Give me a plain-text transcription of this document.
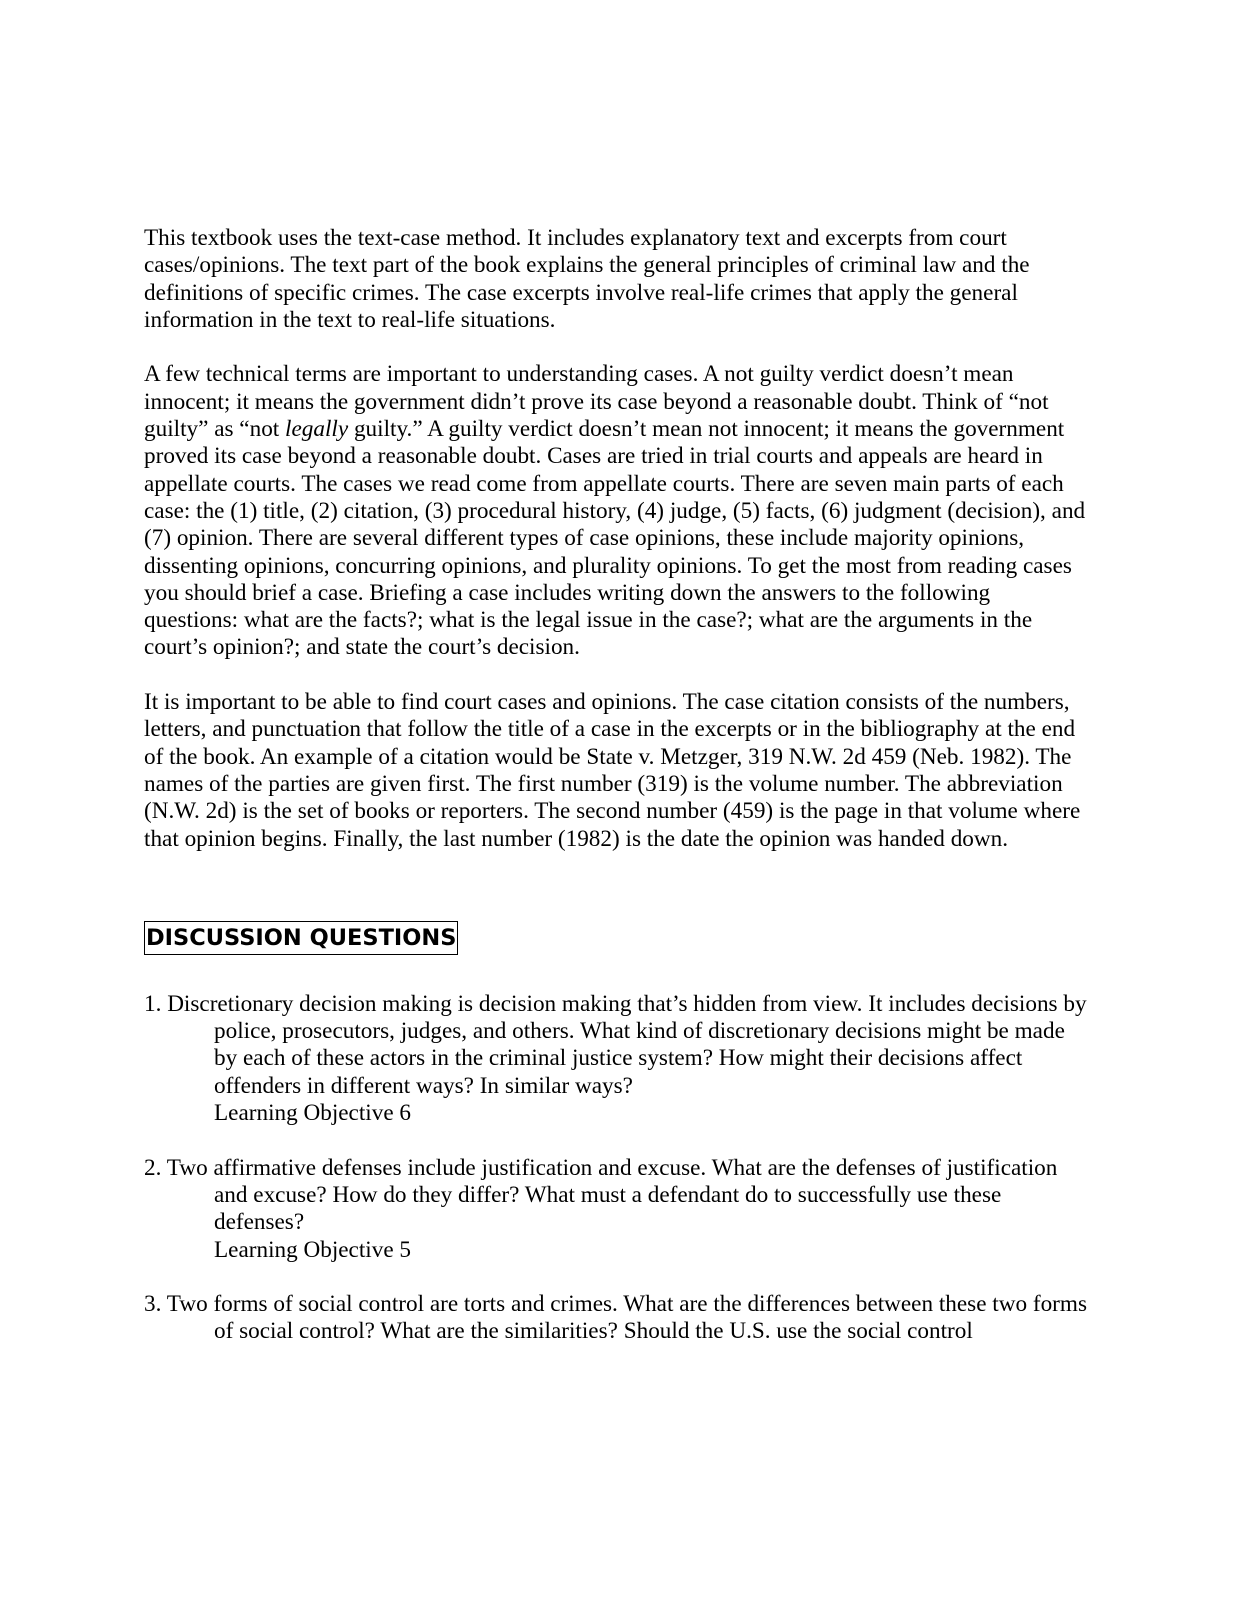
This textbook uses the text-case method. It includes explanatory text and excerpts from court cases/opinions. The text part of the book explains the general principles of criminal law and the definitions of specific crimes. The case excerpts involve real-life crimes that apply the general information in the text to real-life situations.

A few technical terms are important to understanding cases. A not guilty verdict doesn’t mean innocent; it means the government didn’t prove its case beyond a reasonable doubt. Think of “not guilty” as “not legally guilty.” A guilty verdict doesn’t mean not innocent; it means the government proved its case beyond a reasonable doubt. Cases are tried in trial courts and appeals are heard in appellate courts. The cases we read come from appellate courts. There are seven main parts of each case: the (1) title, (2) citation, (3) procedural history, (4) judge, (5) facts, (6) judgment (decision), and (7) opinion. There are several different types of case opinions, these include majority opinions, dissenting opinions, concurring opinions, and plurality opinions. To get the most from reading cases you should brief a case. Briefing a case includes writing down the answers to the following questions: what are the facts?; what is the legal issue in the case?; what are the arguments in the court’s opinion?; and state the court’s decision.

It is important to be able to find court cases and opinions. The case citation consists of the numbers, letters, and punctuation that follow the title of a case in the excerpts or in the bibliography at the end of the book. An example of a citation would be State v. Metzger, 319 N.W. 2d 459 (Neb. 1982). The names of the parties are given first. The first number (319) is the volume number. The abbreviation (N.W. 2d) is the set of books or reporters. The second number (459) is the page in that volume where that opinion begins. Finally, the last number (1982) is the date the opinion was handed down.

DISCUSSION QUESTIONS
1. Discretionary decision making is decision making that’s hidden from view. It includes decisions by police, prosecutors, judges, and others. What kind of discretionary decisions might be made by each of these actors in the criminal justice system? How might their decisions affect offenders in different ways? In similar ways?
Learning Objective 6
2. Two affirmative defenses include justification and excuse. What are the defenses of justification and excuse? How do they differ? What must a defendant do to successfully use these defenses?
Learning Objective 5
3. Two forms of social control are torts and crimes. What are the differences between these two forms of social control? What are the similarities? Should the U.S. use the social control
